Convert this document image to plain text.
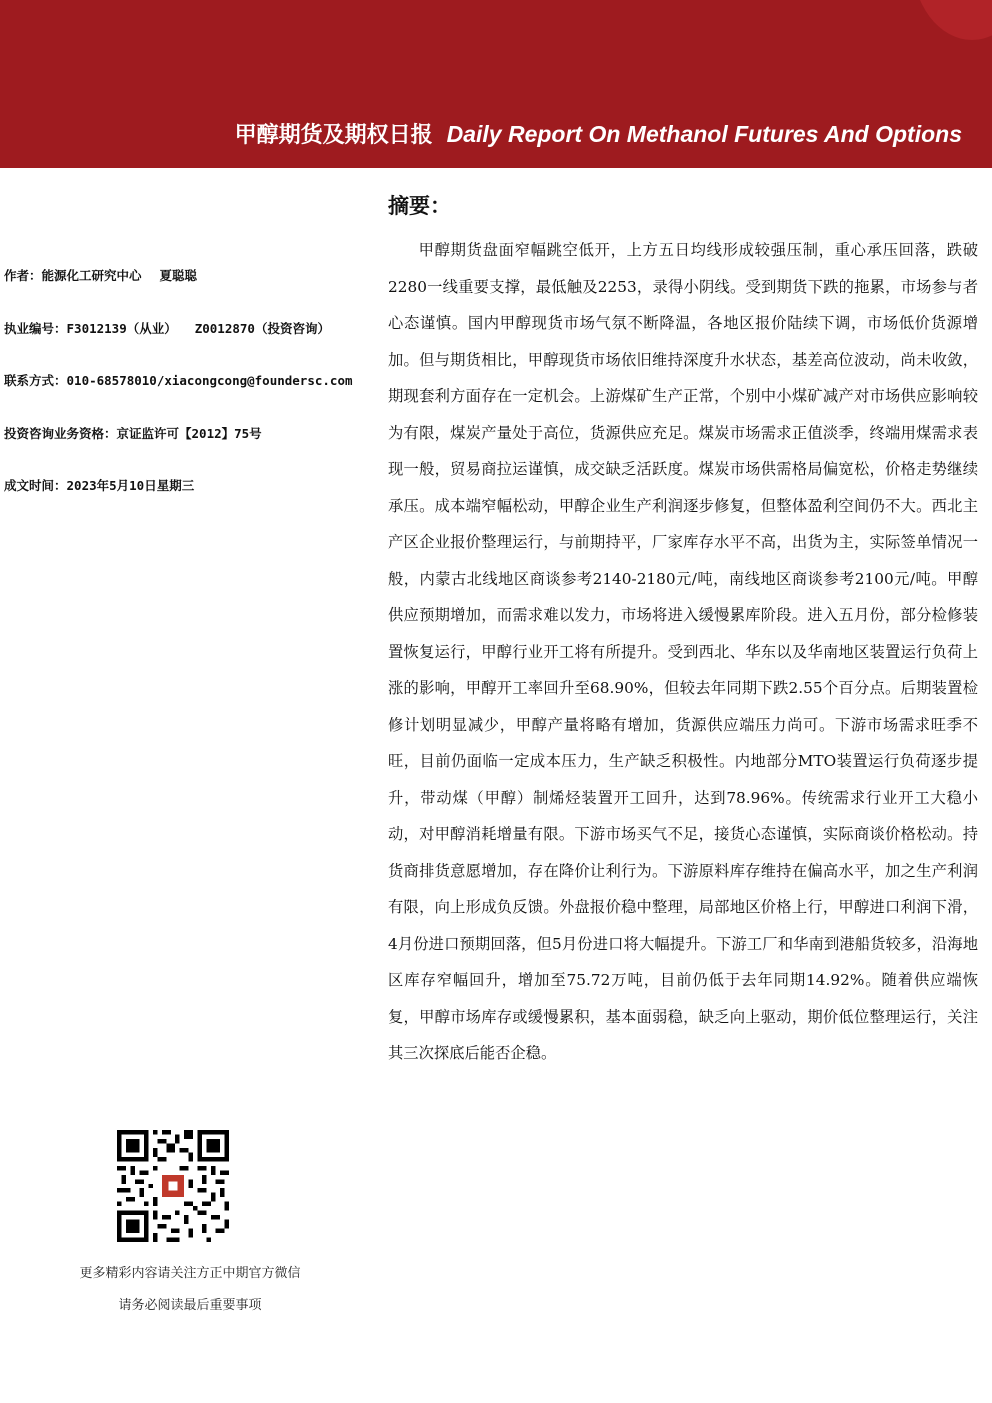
甲醇期货及期权日报 Daily Report On Methanol Futures And Options
作者：能源化工研究中心 夏聪聪
执业编号：F3012139（从业） Z0012870（投资咨询）
联系方式：010-68578010/xiacongcong@foundersc.com
投资咨询业务资格：京证监许可【2012】75号
成文时间：2023年5月10日星期三
更多精彩内容请关注方正中期官方微信
请务必阅读最后重要事项
摘要：

甲醇期货盘面窄幅跳空低开，上方五日均线形成较强压制，重心承压回落，跌破2280一线重要支撑，最低触及2253，录得小阴线。受到期货下跌的拖累，市场参与者心态谨慎。国内甲醇现货市场气氛不断降温，各地区报价陆续下调，市场低价货源增加。但与期货相比，甲醇现货市场依旧维持深度升水状态，基差高位波动，尚未收敛，期现套利方面存在一定机会。上游煤矿生产正常，个别中小煤矿减产对市场供应影响较为有限，煤炭产量处于高位，货源供应充足。煤炭市场需求正值淡季，终端用煤需求表现一般，贸易商拉运谨慎，成交缺乏活跃度。煤炭市场供需格局偏宽松，价格走势继续承压。成本端窄幅松动，甲醇企业生产利润逐步修复，但整体盈利空间仍不大。西北主产区企业报价整理运行，与前期持平，厂家库存水平不高，出货为主，实际签单情况一般，内蒙古北线地区商谈参考2140-2180元/吨，南线地区商谈参考2100元/吨。甲醇供应预期增加，而需求难以发力，市场将进入缓慢累库阶段。进入五月份，部分检修装置恢复运行，甲醇行业开工将有所提升。受到西北、华东以及华南地区装置运行负荷上涨的影响，甲醇开工率回升至68.90%，但较去年同期下跌2.55个百分点。后期装置检修计划明显减少，甲醇产量将略有增加，货源供应端压力尚可。下游市场需求旺季不旺，目前仍面临一定成本压力，生产缺乏积极性。内地部分MTO装置运行负荷逐步提升，带动煤（甲醇）制烯烃装置开工回升，达到78.96%。传统需求行业开工大稳小动，对甲醇消耗增量有限。下游市场买气不足，接货心态谨慎，实际商谈价格松动。持货商排货意愿增加，存在降价让利行为。下游原料库存维持在偏高水平，加之生产利润有限，向上形成负反馈。外盘报价稳中整理，局部地区价格上行，甲醇进口利润下滑，4月份进口预期回落，但5月份进口将大幅提升。下游工厂和华南到港船货较多，沿海地区库存窄幅回升，增加至75.72万吨，目前仍低于去年同期14.92%。随着供应端恢复，甲醇市场库存或缓慢累积，基本面弱稳，缺乏向上驱动，期价低位整理运行，关注其三次探底后能否企稳。
